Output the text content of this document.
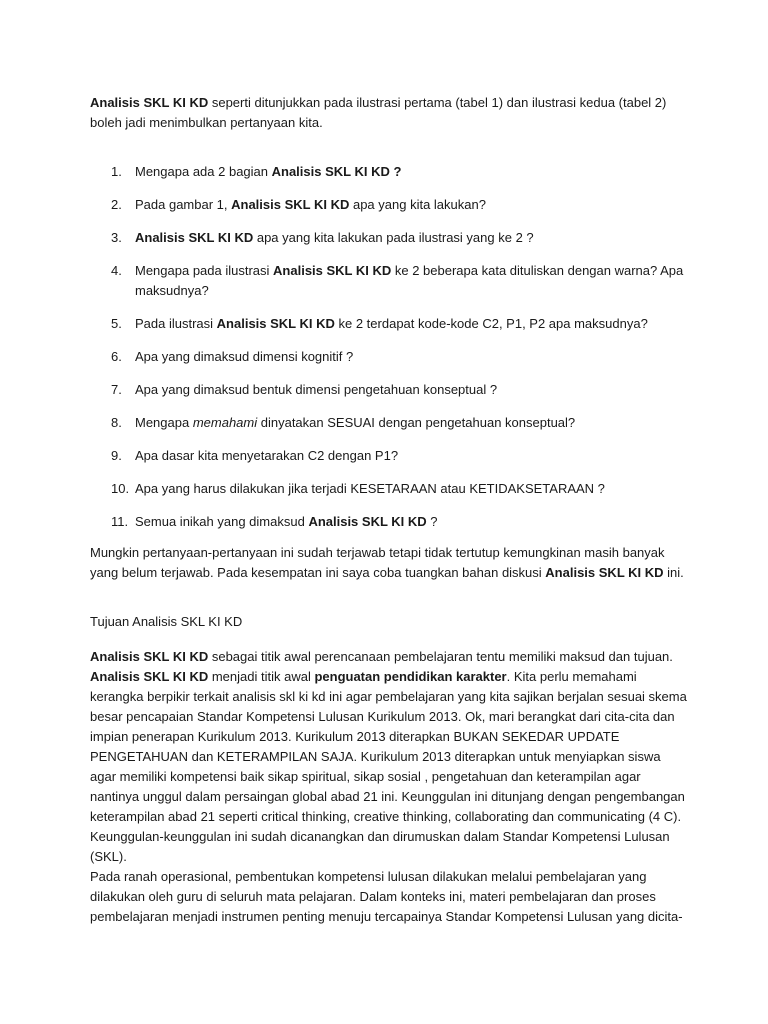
Analisis SKL KI KD seperti ditunjukkan pada ilustrasi pertama (tabel 1) dan ilustrasi kedua (tabel 2) boleh jadi menimbulkan pertanyaan kita.

1. Mengapa ada 2 bagian Analisis SKL KI KD ?
2. Pada gambar 1, Analisis SKL KI KD apa yang kita lakukan?
3. Analisis SKL KI KD apa yang kita lakukan pada ilustrasi yang ke 2 ?
4. Mengapa pada ilustrasi Analisis SKL KI KD ke 2 beberapa kata dituliskan dengan warna? Apa maksudnya?
5. Pada ilustrasi Analisis SKL KI KD ke 2 terdapat kode-kode C2, P1, P2 apa maksudnya?
6. Apa yang dimaksud dimensi kognitif ?
7. Apa yang dimaksud bentuk dimensi pengetahuan konseptual ?
8. Mengapa memahami dinyatakan SESUAI dengan pengetahuan konseptual?
9. Apa dasar kita menyetarakan C2 dengan P1?
10. Apa yang harus dilakukan jika terjadi KESETARAAN atau KETIDAKSETARAAN ?
11. Semua inikah yang dimaksud Analisis SKL KI KD ?

Mungkin pertanyaan-pertanyaan ini sudah terjawab tetapi tidak tertutup kemungkinan masih banyak yang belum terjawab. Pada kesempatan ini saya coba tuangkan bahan diskusi Analisis SKL KI KD ini.

Tujuan Analisis SKL KI KD

Analisis SKL KI KD sebagai titik awal perencanaan pembelajaran tentu memiliki maksud dan tujuan. Analisis SKL KI KD menjadi titik awal penguatan pendidikan karakter. Kita perlu memahami kerangka berpikir terkait analisis skl ki kd ini agar pembelajaran yang kita sajikan berjalan sesuai skema besar pencapaian Standar Kompetensi Lulusan Kurikulum 2013. Ok, mari berangkat dari cita-cita dan impian penerapan Kurikulum 2013. Kurikulum 2013 diterapkan BUKAN SEKEDAR UPDATE PENGETAHUAN dan KETERAMPILAN SAJA. Kurikulum 2013 diterapkan untuk menyiapkan siswa agar memiliki kompetensi baik sikap spiritual, sikap sosial , pengetahuan dan keterampilan agar nantinya unggul dalam persaingan global abad 21 ini. Keunggulan ini ditunjang dengan pengembangan keterampilan abad 21 seperti critical thinking, creative thinking, collaborating dan communicating (4 C). Keunggulan-keunggulan ini sudah dicanangkan dan dirumuskan dalam Standar Kompetensi Lulusan (SKL).

Pada ranah operasional, pembentukan kompetensi lulusan dilakukan melalui pembelajaran yang dilakukan oleh guru di seluruh mata pelajaran. Dalam konteks ini, materi pembelajaran dan proses pembelajaran menjadi instrumen penting menuju tercapainya Standar Kompetensi Lulusan yang dicita-
